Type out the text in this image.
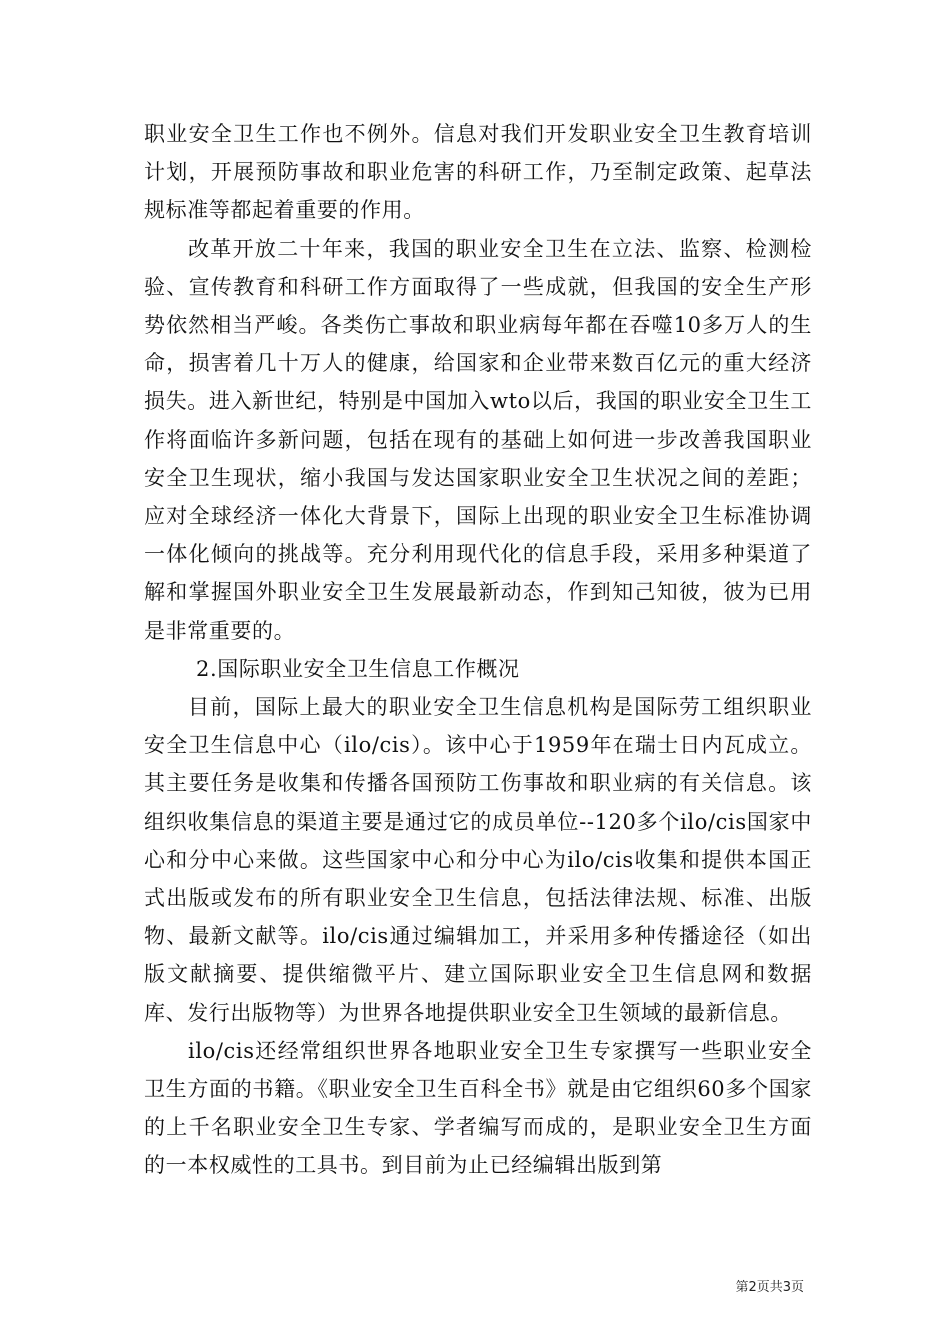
职业安全卫生工作也不例外。信息对我们开发职业安全卫生教育培训计划，开展预防事故和职业危害的科研工作，乃至制定政策、起草法规标准等都起着重要的作用。

改革开放二十年来，我国的职业安全卫生在立法、监察、检测检验、宣传教育和科研工作方面取得了一些成就，但我国的安全生产形势依然相当严峻。各类伤亡事故和职业病每年都在吞噬10多万人的生命，损害着几十万人的健康，给国家和企业带来数百亿元的重大经济损失。进入新世纪，特别是中国加入wto以后，我国的职业安全卫生工作将面临许多新问题，包括在现有的基础上如何进一步改善我国职业安全卫生现状，缩小我国与发达国家职业安全卫生状况之间的差距；应对全球经济一体化大背景下，国际上出现的职业安全卫生标准协调一体化倾向的挑战等。充分利用现代化的信息手段，采用多种渠道了解和掌握国外职业安全卫生发展最新动态，作到知己知彼，彼为已用是非常重要的。

2.国际职业安全卫生信息工作概况

目前，国际上最大的职业安全卫生信息机构是国际劳工组织职业安全卫生信息中心（ilo/cis）。该中心于1959年在瑞士日内瓦成立。其主要任务是收集和传播各国预防工伤事故和职业病的有关信息。该组织收集信息的渠道主要是通过它的成员单位--120多个ilo/cis国家中心和分中心来做。这些国家中心和分中心为ilo/cis收集和提供本国正式出版或发布的所有职业安全卫生信息，包括法律法规、标准、出版物、最新文献等。ilo/cis通过编辑加工，并采用多种传播途径（如出版文献摘要、提供缩微平片、建立国际职业安全卫生信息网和数据库、发行出版物等）为世界各地提供职业安全卫生领域的最新信息。

ilo/cis还经常组织世界各地职业安全卫生专家撰写一些职业安全卫生方面的书籍。《职业安全卫生百科全书》就是由它组织60多个国家的上千名职业安全卫生专家、学者编写而成的，是职业安全卫生方面的一本权威性的工具书。到目前为止已经编辑出版到第

第2页共3页
